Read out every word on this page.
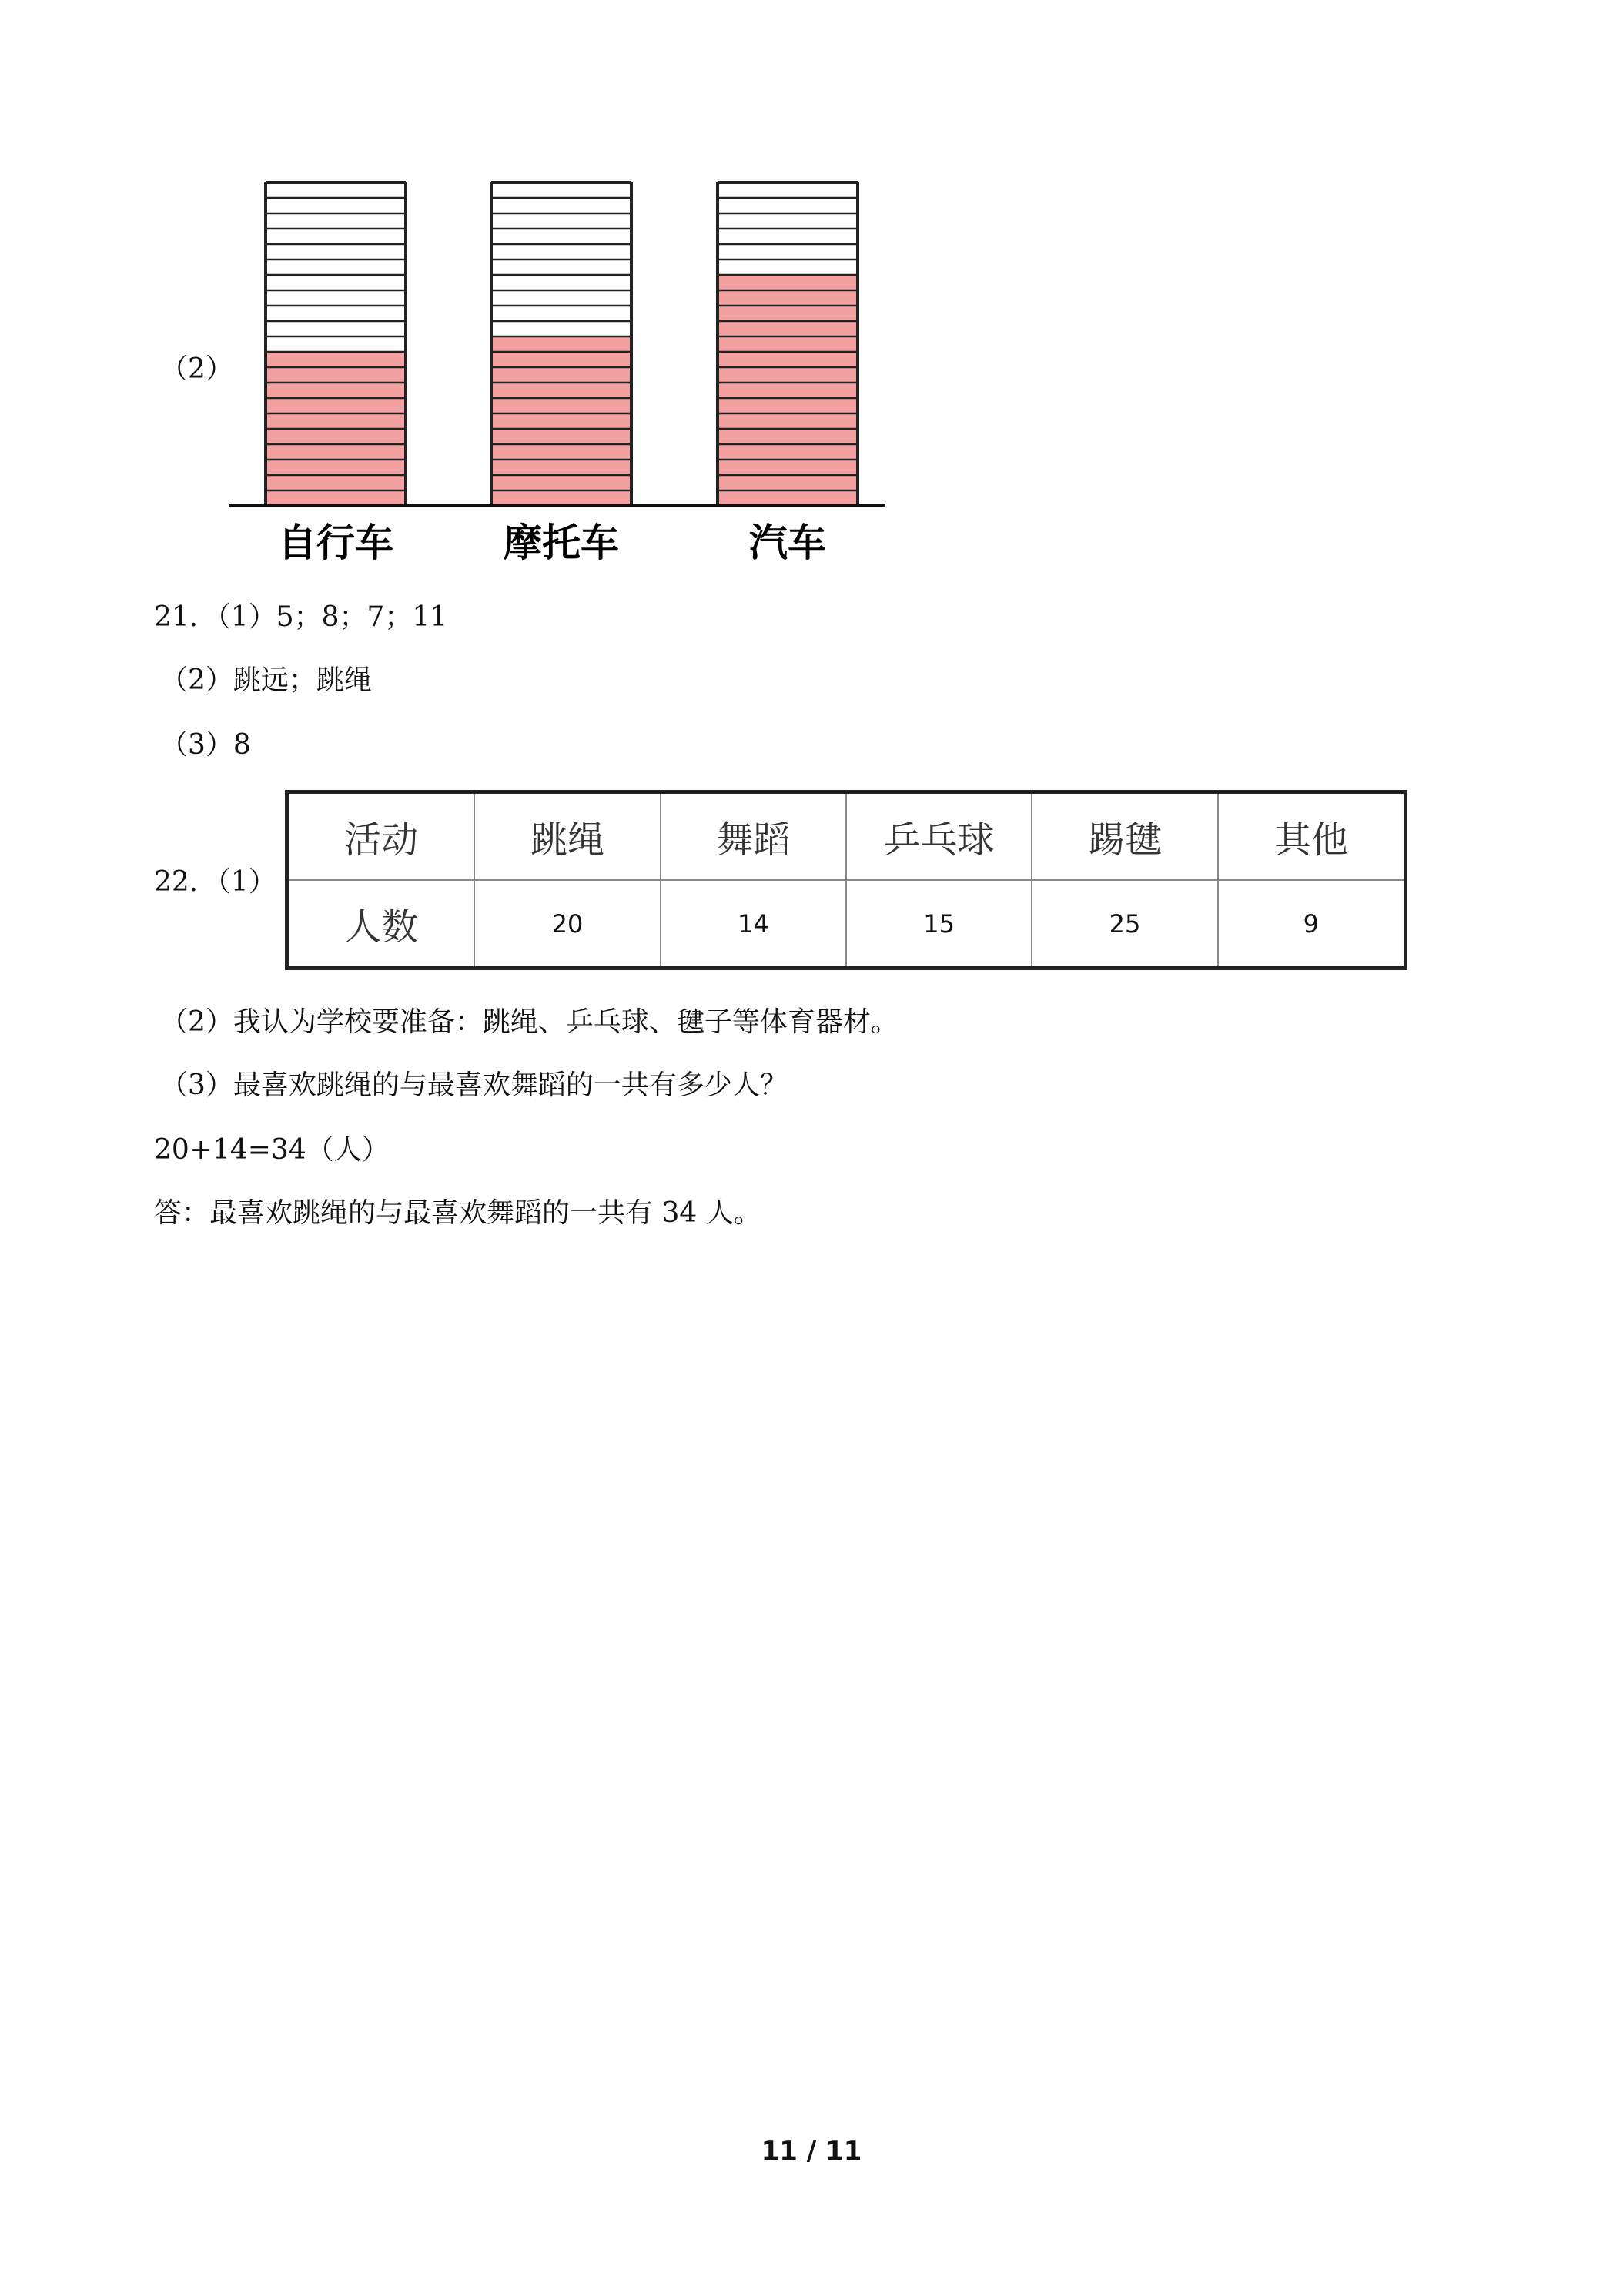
（2）
自行车	摩托车	汽车
21．（1）5；8；7；11
（2）跳远；跳绳
（3）8
22．（1）
活动	跳绳	舞蹈	乒乓球	踢毽	其他
人数	20	14	15	25	9
（2）我认为学校要准备：跳绳、乒乓球、毽子等体育器材。
（3）最喜欢跳绳的与最喜欢舞蹈的一共有多少人？
20+14=34（人）
答：最喜欢跳绳的与最喜欢舞蹈的一共有 34 人。
11 / 11
